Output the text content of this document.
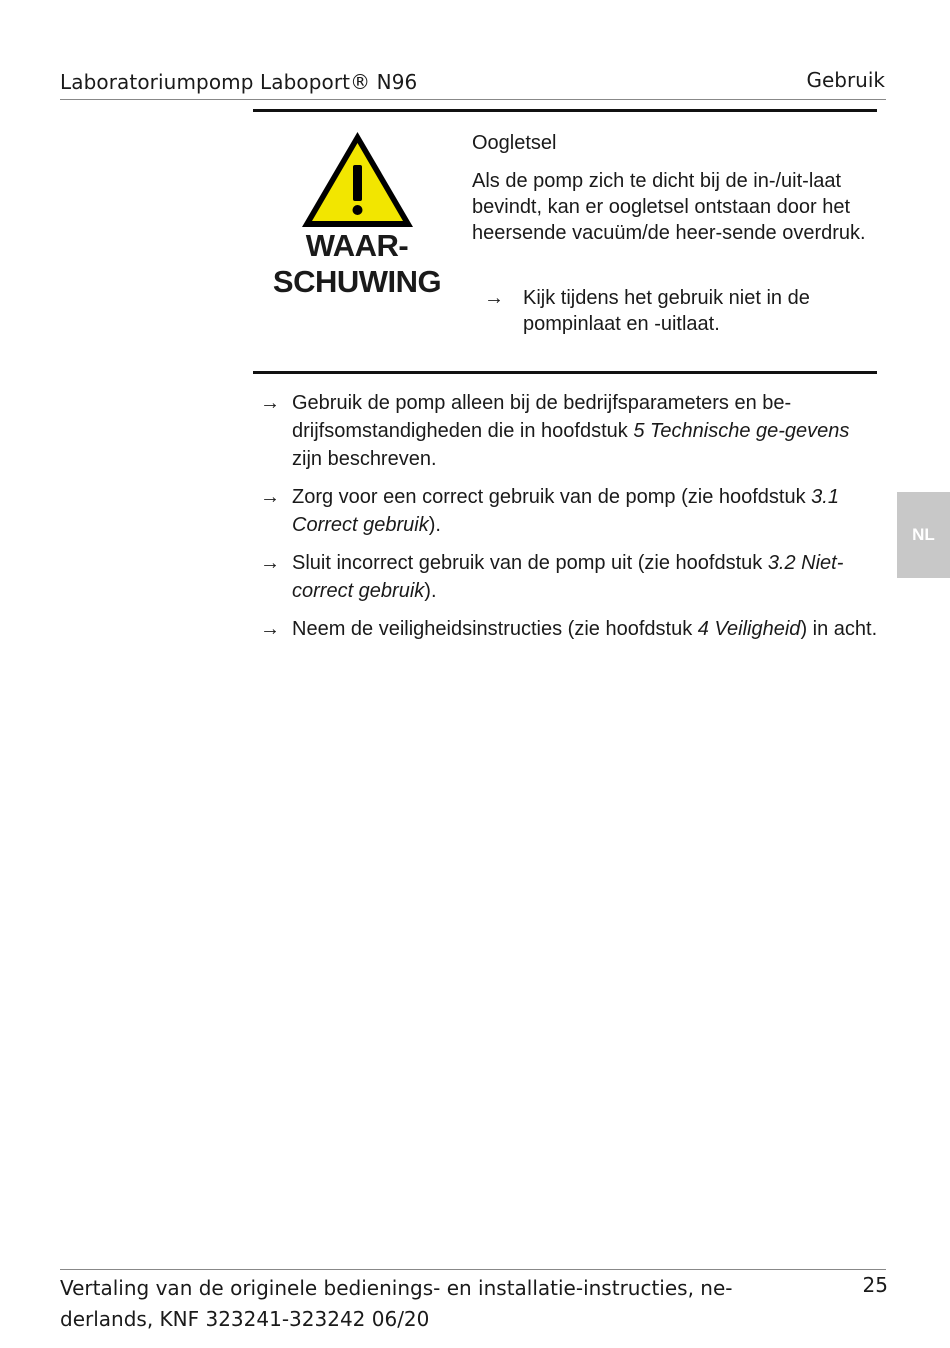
Laboratoriumpomp Laboport® N96	Gebruik
WAAR-
SCHUWING
Oogletsel
Als de pomp zich te dicht bij de in-/uit-laat bevindt, kan er oogletsel ontstaan door het heersende vacuüm/de heer-sende overdruk.
→ Kijk tijdens het gebruik niet in de pompinlaat en -uitlaat.
→ Gebruik de pomp alleen bij de bedrijfsparameters en be-drijfsomstandigheden die in hoofdstuk 5 Technische ge-gevens zijn beschreven.
→ Zorg voor een correct gebruik van de pomp (zie hoofdstuk 3.1 Correct gebruik).
→ Sluit incorrect gebruik van de pomp uit (zie hoofdstuk 3.2 Niet-correct gebruik).
→ Neem de veiligheidsinstructies (zie hoofdstuk 4 Veiligheid) in acht.
NL
Vertaling van de originele bedienings- en installatie-instructies, ne-
derlands, KNF 323241-323242 06/20
25
